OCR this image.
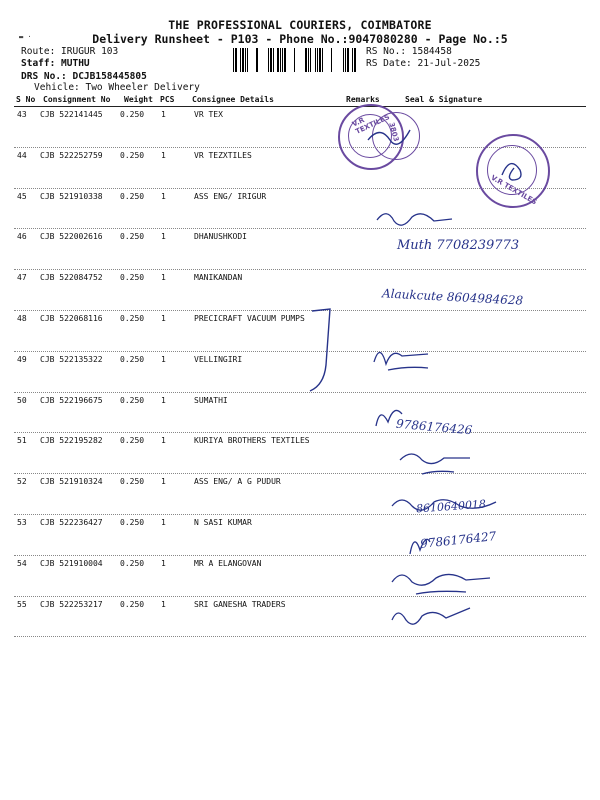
THE PROFESSIONAL COURIERS, COIMBATORE
Delivery Runsheet - P103 - Phone No.:9047080280 - Page No.:5
▬ ·
Route: IRUGUR 103
Staff: MUTHU
DRS No.: DCJB158445805
Vehicle: Two Wheeler Delivery
RS No.: 1584458
RS Date: 21-Jul-2025
S No Consignment No Weight PCS Consignee Details	Remarks	Seal & Signature
43 CJB 522141445 0.250 1	VR TEX
44 CJB 522252759 0.250 1	VR TEZXTILES
45 CJB 521910338 0.250 1	ASS ENG/ IRIGUR
46 CJB 522002616 0.250 1	DHANUSHKODI
47 CJB 522084752 0.250 1	MANIKANDAN
48 CJB 522068116 0.250 1	PRECICRAFT VACUUM PUMPS
49 CJB 522135322 0.250 1	VELLINGIRI
50 CJB 522196675 0.250 1	SUMATHI
51 CJB 522195282 0.250 1	KURIYA BROTHERS TEXTILES
52 CJB 521910324 0.250 1	ASS ENG/ A G PUDUR
53 CJB 522236427 0.250 1	N SASI KUMAR
54 CJB 521910004 0.250 1	MR A ELANGOVAN
55 CJB 522253217 0.250 1	SRI GANESHA TRADERS
V.R TEXTILES
3803
V.R TEXTILES
Muth 7708239773
Alaukcute 8604984628
9786176426
8610640018
9786176427
